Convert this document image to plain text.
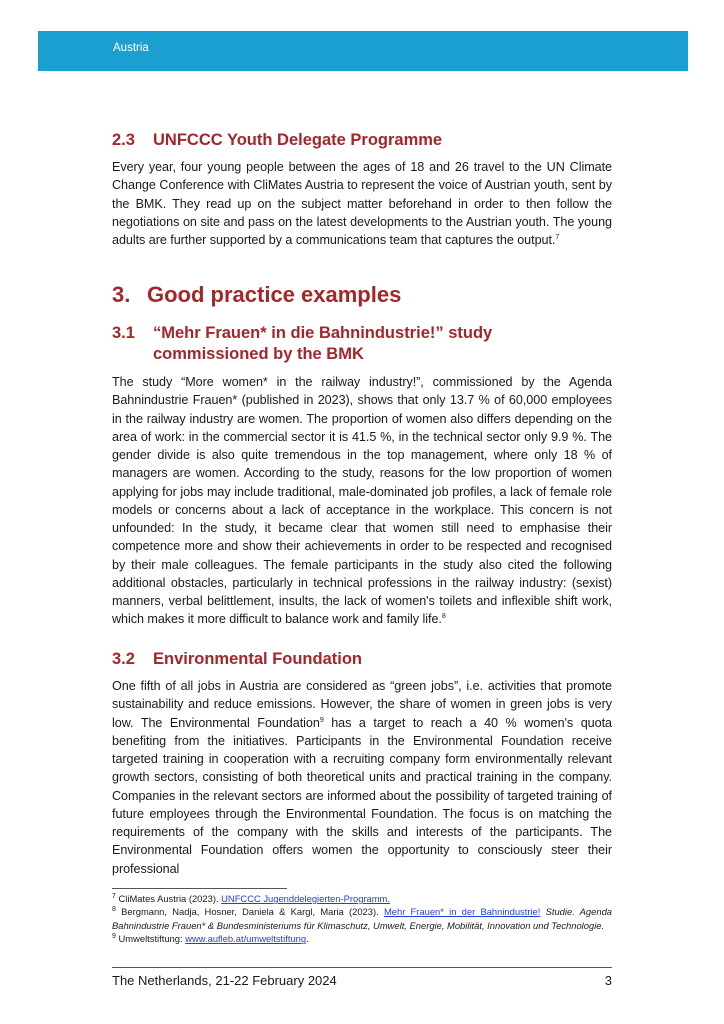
Austria
2.3	UNFCCC Youth Delegate Programme

Every year, four young people between the ages of 18 and 26 travel to the UN Climate Change Conference with CliMates Austria to represent the voice of Austrian youth, sent by the BMK. They read up on the subject matter beforehand in order to then follow the negotiations on site and pass on the latest developments to the Austrian youth. The young adults are further supported by a communications team that captures the output.$^7$

3. Good practice examples
3.1	“Mehr Frauen* in die Bahnindustrie!” study commissioned by the BMK

The study “More women* in the railway industry!”, commissioned by the Agenda Bahnindustrie Frauen* (published in 2023), shows that only 13.7 % of 60,000 employees in the railway industry are women. The proportion of women also differs depending on the area of work: in the commercial sector it is 41.5 %, in the technical sector only 9.9 %. The gender divide is also quite tremendous in the top management, where only 18 % of managers are women. According to the study, reasons for the low proportion of women applying for jobs may include traditional, male-dominated job profiles, a lack of female role models or concerns about a lack of acceptance in the workplace. This concern is not unfounded: In the study, it became clear that women still need to emphasise their competence more and show their achievements in order to be respected and recognised by their male colleagues. The female participants in the study also cited the following additional obstacles, particularly in technical professions in the railway industry: (sexist) manners, verbal belittlement, insults, the lack of women's toilets and inflexible shift work, which makes it more difficult to balance work and family life.$^8$

3.2	Environmental Foundation

One fifth of all jobs in Austria are considered as “green jobs”, i.e. activities that promote sustainability and reduce emissions. However, the share of women in green jobs is very low. The Environmental Foundation$^9$ has a target to reach a 40 % women's quota benefiting from the initiatives. Participants in the Environmental Foundation receive targeted training in cooperation with a recruiting company form environmentally relevant growth sectors, consisting of both theoretical units and practical training in the company. Companies in the relevant sectors are informed about the possibility of targeted training of future employees through the Environmental Foundation. The focus is on matching the requirements of the company with the skills and interests of the participants. The Environmental Foundation offers women the opportunity to consciously steer their professional

$^7$ CliMates Austria (2023). UNFCCC Jugenddelegierten-Programm.
$^8$ Bergmann, Nadja, Hosner, Daniela & Kargl, Maria (2023). Mehr Frauen* in der Bahnindustrie! Studie. Agenda Bahnindustrie Frauen* & Bundesministeriums für Klimaschutz, Umwelt, Energie, Mobilität, Innovation und Technologie.
$^9$ Umweltstiftung: www.aufleb.at/umweltstiftung.
The Netherlands, 21-22 February 2024	3
